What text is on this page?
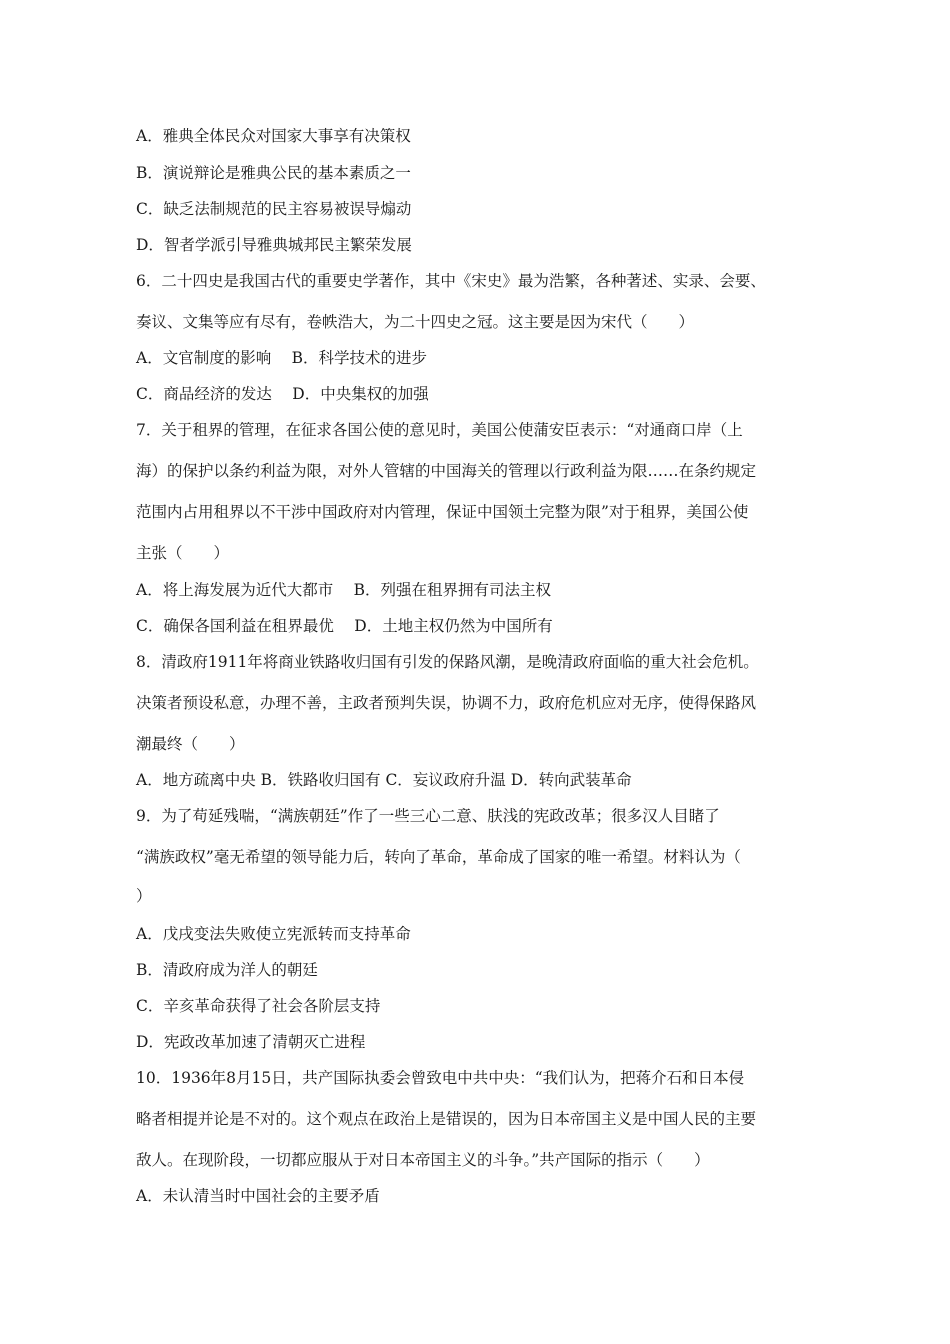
A．雅典全体民众对国家大事享有决策权
B．演说辩论是雅典公民的基本素质之一
C．缺乏法制规范的民主容易被误导煽动
D．智者学派引导雅典城邦民主繁荣发展
6．二十四史是我国古代的重要史学著作，其中《宋史》最为浩繁，各种著述、实录、会要、
奏议、文集等应有尽有，卷帙浩大，为二十四史之冠。这主要是因为宋代（　　）
A．文官制度的影响　 B．科学技术的进步
C．商品经济的发达　 D．中央集权的加强
7．关于租界的管理，在征求各国公使的意见时，美国公使蒲安臣表示：“对通商口岸（上
海）的保护以条约利益为限，对外人管辖的中国海关的管理以行政利益为限……在条约规定
范围内占用租界以不干涉中国政府对内管理，保证中国领土完整为限”对于租界，美国公使
主张（　　）
A．将上海发展为近代大都市　 B．列强在租界拥有司法主权
C．确保各国利益在租界最优　 D．土地主权仍然为中国所有
8．清政府1911年将商业铁路收归国有引发的保路风潮，是晚清政府面临的重大社会危机。
决策者预设私意，办理不善，主政者预判失误，协调不力，政府危机应对无序，使得保路风
潮最终（　　）
A．地方疏离中央 B．铁路收归国有 C．妄议政府升温 D．转向武装革命
9．为了苟延残喘，“满族朝廷”作了一些三心二意、肤浅的宪政改革；很多汉人目睹了
“满族政权”毫无希望的领导能力后，转向了革命，革命成了国家的唯一希望。材料认为（
）
A．戊戌变法失败使立宪派转而支持革命
B．清政府成为洋人的朝廷
C．辛亥革命获得了社会各阶层支持
D．宪政改革加速了清朝灭亡进程
10．1936年8月15日，共产国际执委会曾致电中共中央：“我们认为，把蒋介石和日本侵
略者相提并论是不对的。这个观点在政治上是错误的，因为日本帝国主义是中国人民的主要
敌人。在现阶段，一切都应服从于对日本帝国主义的斗争。”共产国际的指示（　　）
A．未认清当时中国社会的主要矛盾
